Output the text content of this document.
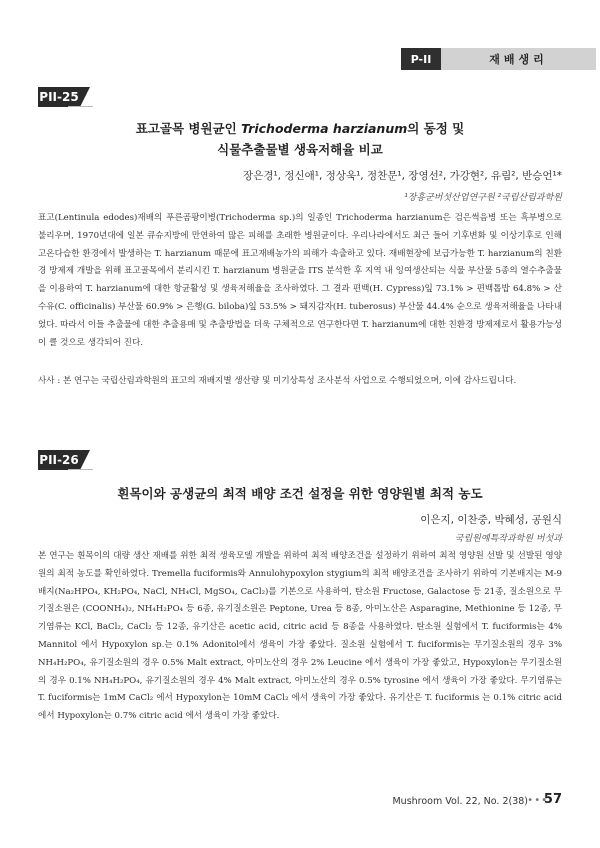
P-II	재배생리
PII-25
표고골목 병원균인 Trichoderma harzianum의 동정 및
식물추출물별 생육저해율 비교
장은경¹, 정신애¹, 정상욱¹, 정찬문¹, 장영선², 가강현², 유림², 반승언¹*
¹장흥군버섯산업연구원 ²국립산림과학원

표고(Lentinula edodes)재배의 푸른곰팡이병(Trichoderma sp.)의 일종인 Trichoderma harzianum은 검은썩음병 또는 흑부병으로 불리우며, 1970년대에 일본 큐슈지방에 만연하여 많은 피해를 초래한 병원균이다. 우리나라에서도 최근 들어 기후변화 및 이상기후로 인해 고온다습한 환경에서 발생하는 T. harzianum 때문에 표고재배농가의 피해가 속출하고 있다. 재배현장에 보급가능한 T. harzianum의 친환경 방제제 개발을 위해 표고골목에서 분리시킨 T. harzianum 병원균을 ITS 분석한 후 지역 내 잉여생산되는 식물 부산물 5종의 열수추출물을 이용하여 T. harzianum에 대한 항균활성 및 생육저해율을 조사하였다. 그 결과 편백(H. Cypress)잎 73.1% > 편백톱밥 64.8% > 산수유(C. officinalis) 부산물 60.9% > 은행(G. biloba)잎 53.5% > 돼지감자(H. tuberosus) 부산물 44.4% 순으로 생육저해율을 나타내었다. 따라서 이들 추출물에 대한 추출용매 및 추출방법을 더욱 구체적으로 연구한다면 T. harzianum에 대한 친환경 방제제로서 활용가능성이 클 것으로 생각되어 진다.

사사 : 본 연구는 국립산림과학원의 표고의 재배지별 생산량 및 미기상특성 조사분석 사업으로 수행되었으며, 이에 감사드립니다.

PII-26
흰목이와 공생균의 최적 배양 조건 설정을 위한 영양원별 최적 농도
이은지, 이찬중, 박혜성, 공원식
국립원예특작과학원 버섯과

본 연구는 흰목이의 대량 생산 재배를 위한 최적 생육모델 개발을 위하여 최적 배양조건을 설정하기 위하여 최적 영양원 선발 및 선발된 영양원의 최적 농도를 확인하였다. Tremella fuciformis와 Annulohypoxylon stygium의 최적 배양조건을 조사하기 위하여 기본배지는 M-9배지(Na₂HPO₄, KH₂PO₄, NaCl, NH₄Cl, MgSO₄, CaCl₂)를 기본으로 사용하여, 탄소원 Fructose, Galactose 등 21종, 질소원으로 무기질소원은 (COONH₄)₂, NH₄H₂PO₄ 등 6종, 유기질소원은 Peptone, Urea 등 8종, 아미노산은 Asparagine, Methionine 등 12종, 무기염류는 KCl, BaCl₂, CaCl₂ 등 12종, 유기산은 acetic acid, citric acid 등 8종을 사용하였다. 탄소원 실험에서 T. fuciformis는 4% Mannitol 에서 Hypoxylon sp.는 0.1% Adonitol에서 생육이 가장 좋았다. 질소원 실험에서 T. fuciformis는 무기질소원의 경우 3% NH₄H₂PO₄, 유기질소원의 경우 0.5% Malt extract, 아미노산의 경우 2% Leucine 에서 생육이 가장 좋았고, Hypoxylon는 무기질소원의 경우 0.1% NH₄H₂PO₄, 유기질소원의 경우 4% Malt extract, 아미노산의 경우 0.5% tyrosine 에서 생육이 가장 좋았다. 무기염류는 T. fuciformis는 1mM CaCl₂ 에서 Hypoxylon는 10mM CaCl₂ 에서 생육이 가장 좋았다. 유기산은 T. fuciformis 는 0.1% citric acid 에서 Hypoxylon는 0.7% citric acid 에서 생육이 가장 좋았다.

Mushroom Vol. 22, No. 2(38) •••
57
